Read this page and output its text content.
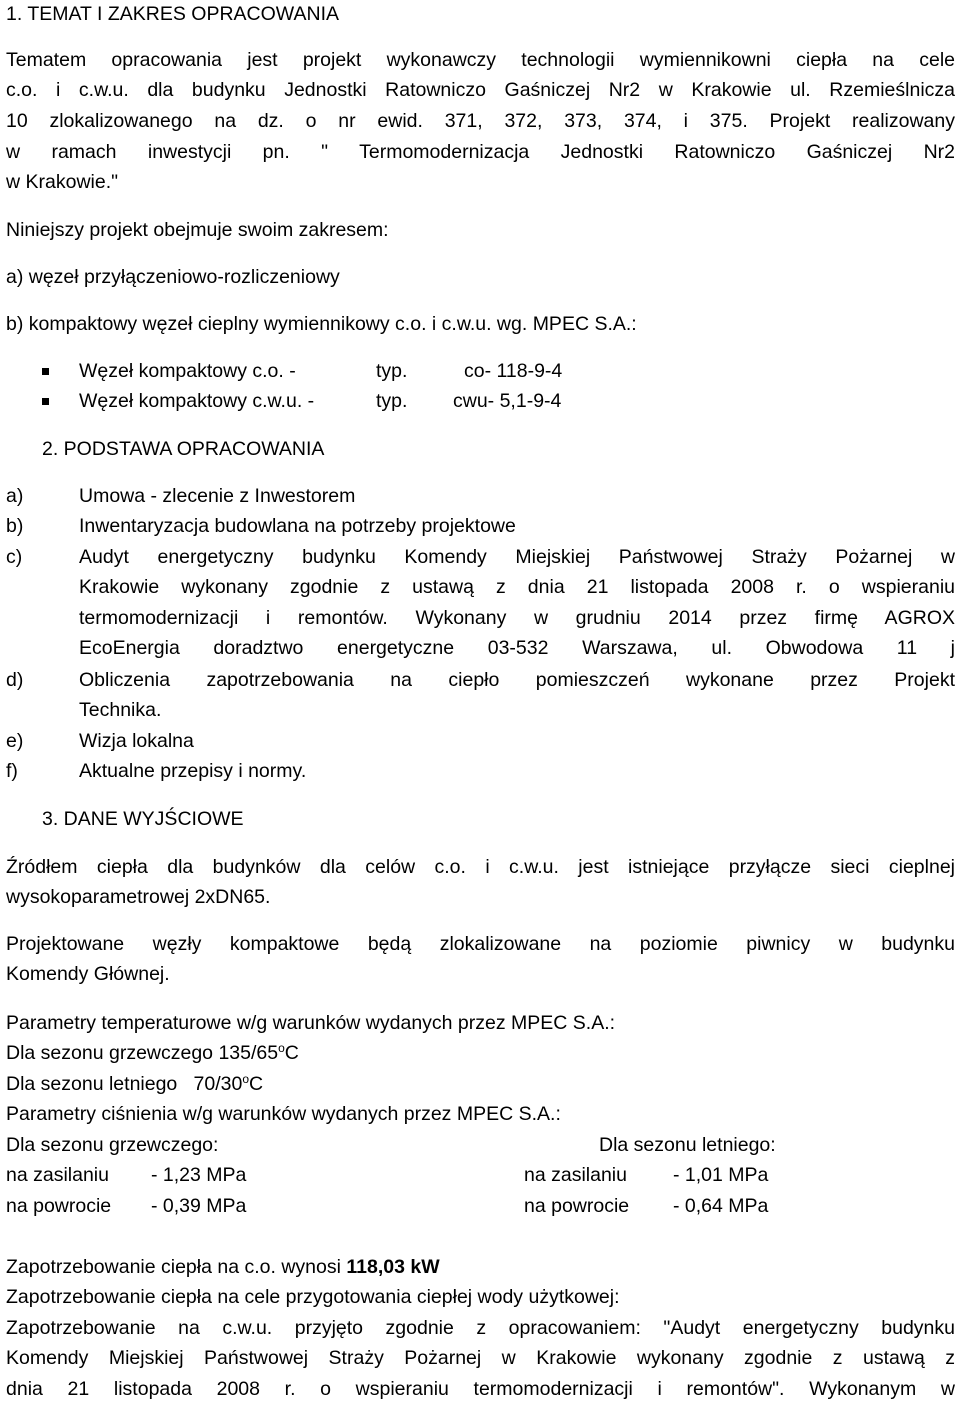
1. TEMAT I ZAKRES OPRACOWANIA
Tematem opracowania jest projekt wykonawczy technologii wymiennikowni ciepła na cele
c.o. i c.w.u. dla budynku Jednostki Ratowniczo Gaśniczej Nr2 w Krakowie ul. Rzemieślnicza
10 zlokalizowanego na dz. o nr ewid. 371, 372, 373, 374, i 375. Projekt realizowany
w ramach inwestycji pn. " Termomodernizacja Jednostki Ratowniczo Gaśniczej Nr2
w Krakowie."
Niniejszy projekt obejmuje swoim zakresem:
a) węzeł przyłączeniowo-rozliczeniowy
b) kompaktowy węzeł cieplny wymiennikowy c.o. i c.w.u. wg. MPEC S.A.:
Węzeł kompaktowy c.o. -	typ.	co- 118-9-4
Węzeł kompaktowy c.w.u. -	typ. cwu- 5,1-9-4
2. PODSTAWA OPRACOWANIA
a)	Umowa - zlecenie z Inwestorem
b)	Inwentaryzacja budowlana na potrzeby projektowe
c)	Audyt energetyczny budynku Komendy Miejskiej Państwowej Straży Pożarnej w
Krakowie wykonany zgodnie z ustawą z dnia 21 listopada 2008 r. o wspieraniu
termomodernizacji i remontów. Wykonany w grudniu 2014 przez firmę AGROX
EcoEnergia doradztwo energetyczne 03-532 Warszawa, ul. Obwodowa 11 j
d)	Obliczenia zapotrzebowania na ciepło pomieszczeń wykonane przez Projekt
Technika.
e)	Wizja lokalna
f)	Aktualne przepisy i normy.
3. DANE WYJŚCIOWE
Źródłem ciepła dla budynków dla celów c.o. i c.w.u. jest istniejące przyłącze sieci cieplnej
wysokoparametrowej 2xDN65.
Projektowane węzły kompaktowe będą zlokalizowane na poziomie piwnicy w budynku
Komendy Głównej.
Parametry temperaturowe w/g warunków wydanych przez MPEC S.A.:
Dla sezonu grzewczego 135/65$^o$C
Dla sezonu letniego   70/30$^o$C
Parametry ciśnienia w/g warunków wydanych przez MPEC S.A.:
Dla sezonu grzewczego:	Dla sezonu letniego:
na zasilaniu - 1,23 MPa	na zasilaniu - 1,01 MPa
na powrocie - 0,39 MPa	na powrocie - 0,64 MPa
Zapotrzebowanie ciepła na c.o. wynosi 118,03 kW
Zapotrzebowanie ciepła na cele przygotowania ciepłej wody użytkowej:
Zapotrzebowanie na c.w.u. przyjęto zgodnie z opracowaniem: "Audyt energetyczny budynku
Komendy Miejskiej Państwowej Straży Pożarnej w Krakowie wykonany zgodnie z ustawą z
dnia 21 listopada 2008 r. o wspieraniu termomodernizacji i remontów". Wykonanym w
